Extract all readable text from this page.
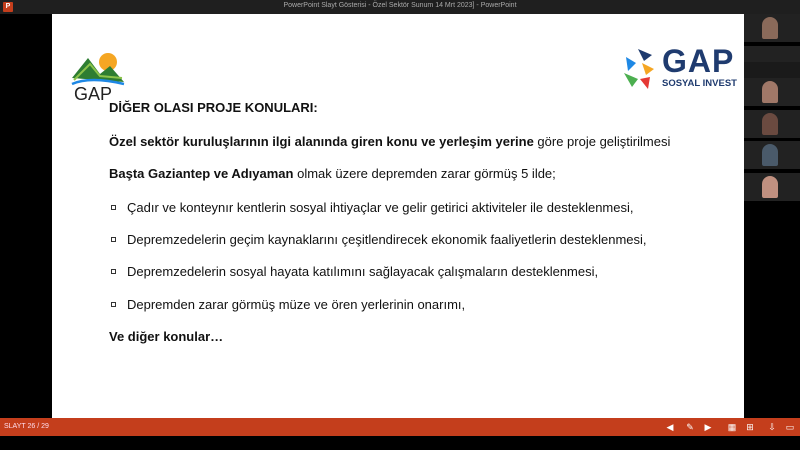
P	PowerPoint Slayt Gösterisi - Özel Sektör Sunum 14 Mrt 2023] - PowerPoint
GAP
GAP
SOSYAL INVEST
DİĞER OLASI PROJE KONULARI:
Özel sektör kuruluşlarının ilgi alanında giren konu ve yerleşim yerine göre proje geliştirilmesi
Başta Gaziantep ve Adıyaman olmak üzere depremden zarar görmüş 5 ilde;
Çadır ve konteynır kentlerin sosyal ihtiyaçlar ve gelir getirici aktiviteler ile desteklenmesi,
Depremzedelerin geçim kaynaklarını çeşitlendirecek ekonomik faaliyetlerin desteklenmesi,
Depremzedelerin sosyal hayata katılımını sağlayacak çalışmaların desteklenmesi,
Depremden zarar görmüş müze ve ören yerlerinin onarımı,
Ve diğer konular…
SLAYT 26 / 29	◀ ✎ ▶ ▦ ⊞ ⇩ ▭
